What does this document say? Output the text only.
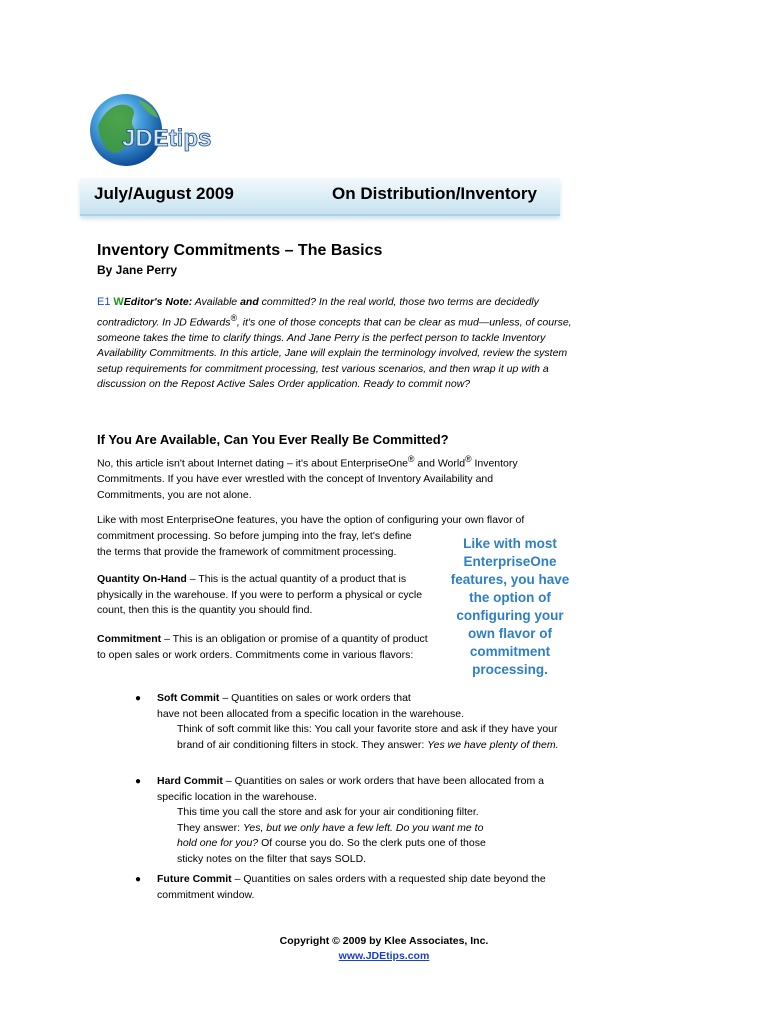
JDEtips
July/August 2009	On Distribution/Inventory
Inventory Commitments – The Basics
By Jane Perry
E1 WEditor's Note: Available and committed? In the real world, those two terms are decidedly contradictory. In JD Edwards®, it's one of those concepts that can be clear as mud—unless, of course, someone takes the time to clarify things. And Jane Perry is the perfect person to tackle Inventory Availability Commitments. In this article, Jane will explain the terminology involved, review the system setup requirements for commitment processing, test various scenarios, and then wrap it up with a discussion on the Repost Active Sales Order application. Ready to commit now?
If You Are Available, Can You Ever Really Be Committed?
No, this article isn't about Internet dating – it's about EnterpriseOne® and World® Inventory Commitments. If you have ever wrestled with the concept of Inventory Availability and Commitments, you are not alone.
Like with most EnterpriseOne features, you have the option of configuring your own flavor of
commitment processing. So before jumping into the fray, let's define the terms that provide the framework of commitment processing.
Like with most EnterpriseOne features, you have the option of configuring your own flavor of commitment processing.
Quantity On-Hand – This is the actual quantity of a product that is physically in the warehouse. If you were to perform a physical or cycle count, then this is the quantity you should find.
Commitment – This is an obligation or promise of a quantity of product to open sales or work orders. Commitments come in various flavors:
● Soft Commit – Quantities on sales or work orders that
have not been allocated from a specific location in the warehouse.
Think of soft commit like this: You call your favorite store and ask if they have your brand of air conditioning filters in stock. They answer: Yes we have plenty of them.
● Hard Commit – Quantities on sales or work orders that have been allocated from a specific location in the warehouse.
This time you call the store and ask for your air conditioning filter. They answer: Yes, but we only have a few left. Do you want me to hold one for you? Of course you do. So the clerk puts one of those sticky notes on the filter that says SOLD.
● Future Commit – Quantities on sales orders with a requested ship date beyond the commitment window.
Copyright © 2009 by Klee Associates, Inc.
www.JDEtips.com
